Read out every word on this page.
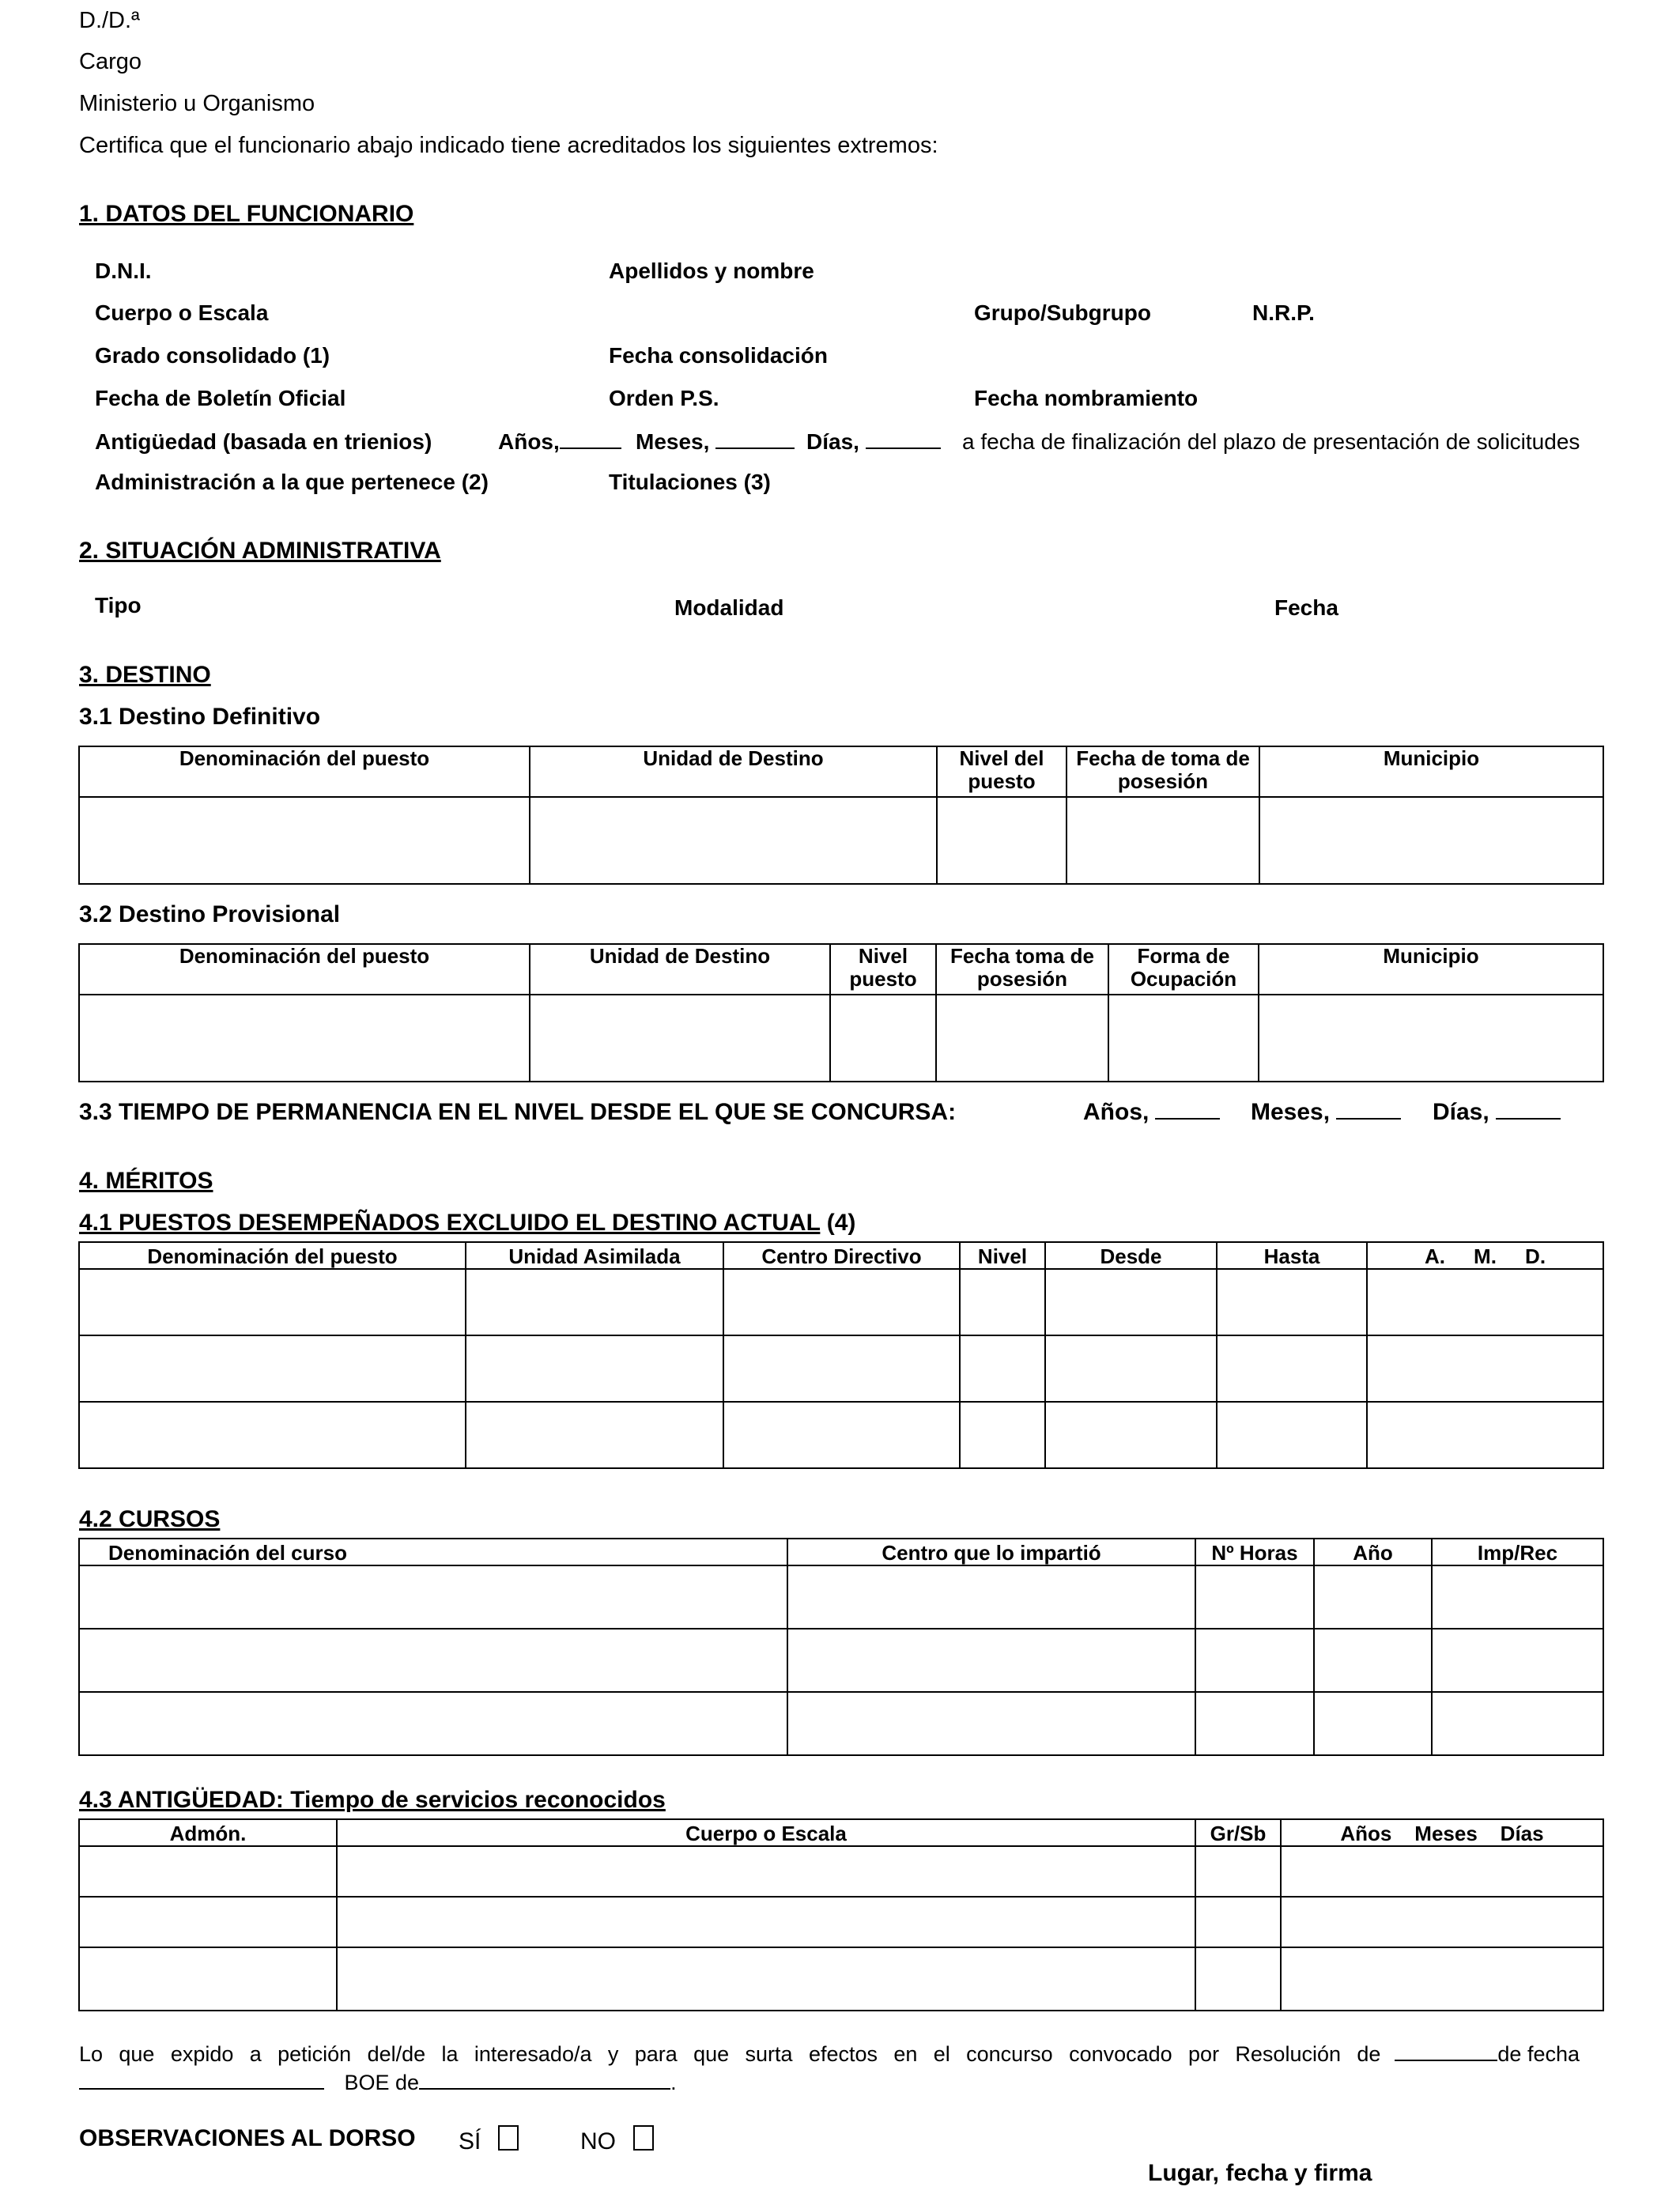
D./D.ª
Cargo
Ministerio u Organismo
Certifica que el funcionario abajo indicado tiene acreditados los siguientes extremos:
1. DATOS DEL FUNCIONARIO
D.N.I.	Apellidos y nombre
Cuerpo o Escala	Grupo/Subgrupo	N.R.P.
Grado consolidado (1)	Fecha consolidación
Fecha de Boletín Oficial	Orden P.S.	Fecha nombramiento
Antigüedad (basada en trienios)	Años,	Meses,	Días,	a fecha de finalización del plazo de presentación de solicitudes
Administración a la que pertenece (2)	Titulaciones (3)
2. SITUACIÓN ADMINISTRATIVA
Tipo	Modalidad	Fecha
3. DESTINO
3.1 Destino Definitivo
Denominación del puesto	Unidad de Destino	Nivel del puesto	Fecha de toma de posesión	Municipio

3.2 Destino Provisional
Denominación del puesto	Unidad de Destino	Nivel puesto	Fecha toma de posesión	Forma de Ocupación	Municipio

3.3 TIEMPO DE PERMANENCIA EN EL NIVEL DESDE EL QUE SE CONCURSA:	Años,	Meses,	Días,
4. MÉRITOS
4.1 PUESTOS DESEMPEÑADOS EXCLUIDO EL DESTINO ACTUAL (4)
Denominación del puesto	Unidad Asimilada	Centro Directivo	Nivel	Desde	Hasta	A.     M.     D.

4.2 CURSOS
Denominación del curso	Centro que lo impartió	Nº Horas	Año	Imp/Rec

4.3 ANTIGÜEDAD: Tiempo de servicios reconocidos
Admón.	Cuerpo o Escala	Gr/Sb	Años    Meses    Días

Lo que expido a petición del/de la interesado/a y para que surta efectos en el concurso convocado por Resolución de	de fecha
BOE de	.
OBSERVACIONES AL DORSO SÍ	NO
Lugar, fecha y firma
